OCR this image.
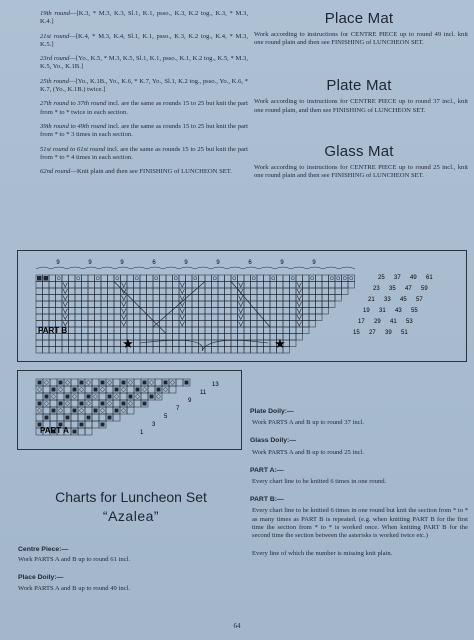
19th round—[K.3, * M.3, K.3, Sl.1, K.1, psso., K.3, K.2 tog., K.3, * M.3, K.4.]

21st round—[K.4, * M.3, K.4, Sl.1, K.1, psso., K.3, K.2 tog., K.4, * M.3, K.5.]

23rd round—[Yo., K.5, * M.3, K.5, Sl.1, K.1, psso., K.1, K.2 tog., K.5, * M.3, K.5, Yo., K.1B.]

25th round—[Yo., K.1B., Yo., K.6, * K.7, Yo., Sl.1, K.2 tog., psso., Yo., K.6, * K.7, (Yo., K.1B.) twice.]

27th round to 37th round incl. are the same as rounds 15 to 25 but knit the part from * to * twice in each section.

39th round to 49th round incl. are the same as rounds 15 to 25 but knit the part from * to * 3 times in each section.

51st round to 61st round incl. are the same as rounds 15 to 25 but knit the part from * to * 4 times in each section.

62nd round—Knit plain and then see FINISHING of LUNCHEON SET.

Place Mat
Work according to instructions for CENTRE PIECE up to round 49 incl. knit one round plain and then see FINISHING of LUNCHEON SET.
Plate Mat
Work according to instructions for CENTRE PIECE up to round 37 incl., knit one round plain, and then see FINISHING of LUNCHEON SET.
Glass Mat
Work according to instructions for CENTRE PIECE up to round 25 incl., knit one round plain and then see FINISHING of LUNCHEON SET.
9	9	9	6	9	9	6	9	9
25 37 49 61
23 35 47 59
21 33 45 57
19 31 43 55
17 29 41 53
15 27 39 51
PART B
★	★
13
11
9
7
5
3
1
PART A

Plate Doily:—

Work PARTS A and B up to round 37 incl.

Glass Doily:—

Work PARTS A and B up to round 25 incl.

PART A:—

Every chart line to be knitted 6 times in one round.

PART B:—

Every chart line to be knitted 6 times in one round but knit the section from * to * as many times as PART B is repeated. (e.g. when knitting PART B for the first time the section from * to * is worked once. When knitting PART B for the second time the section between the asterisks is worked twice etc.)

Every line of which the number is missing knit plain.

Charts for Luncheon Set
“Azalea”

Centre Piece:—

Work PARTS A and B up to round 61 incl.

Place Doily:—

Work PARTS A and B up to round 49 incl.

64
